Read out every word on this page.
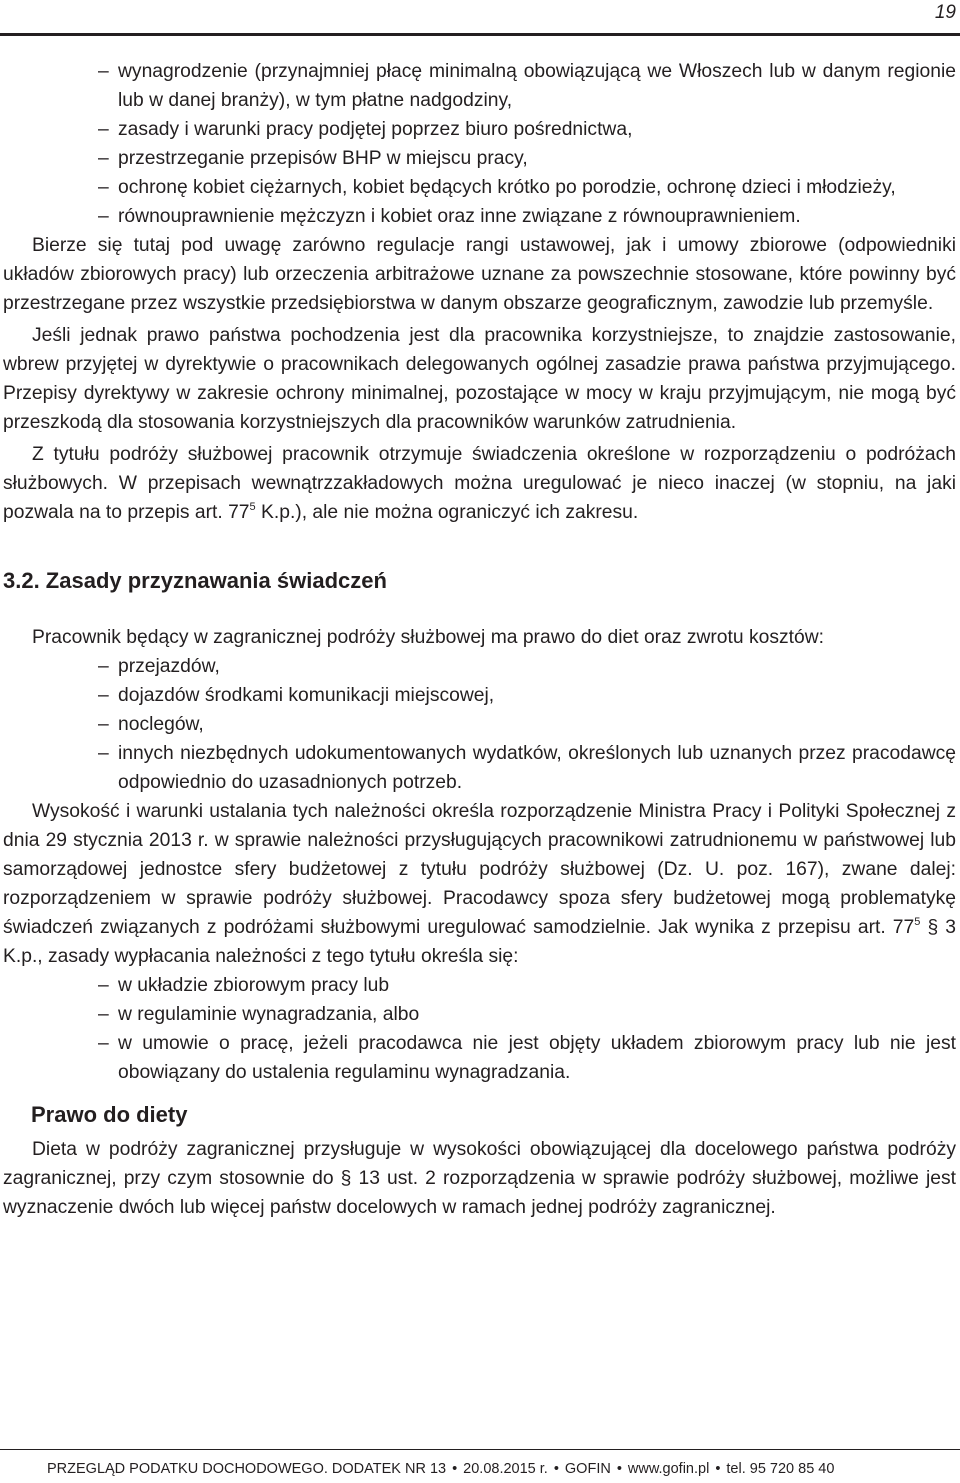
19
– wynagrodzenie (przynajmniej płacę minimalną obowiązującą we Włoszech lub w danym regionie lub w danej branży), w tym płatne nadgodziny,
– zasady i warunki pracy podjętej poprzez biuro pośrednictwa,
– przestrzeganie przepisów BHP w miejscu pracy,
– ochronę kobiet ciężarnych, kobiet będących krótko po porodzie, ochronę dzieci i młodzieży,
– równouprawnienie mężczyzn i kobiet oraz inne związane z równouprawnieniem.

Bierze się tutaj pod uwagę zarówno regulacje rangi ustawowej, jak i umowy zbiorowe (odpowiedniki układów zbiorowych pracy) lub orzeczenia arbitrażowe uznane za powszechnie stosowane, które powinny być przestrzegane przez wszystkie przedsiębiorstwa w danym obszarze geograficznym, zawodzie lub przemyśle.

Jeśli jednak prawo państwa pochodzenia jest dla pracownika korzystniejsze, to znajdzie zastosowanie, wbrew przyjętej w dyrektywie o pracownikach delegowanych ogólnej zasadzie prawa państwa przyjmującego. Przepisy dyrektywy w zakresie ochrony minimalnej, pozostające w mocy w kraju przyjmującym, nie mogą być przeszkodą dla stosowania korzystniejszych dla pracowników warunków zatrudnienia.

Z tytułu podróży służbowej pracownik otrzymuje świadczenia określone w rozporządzeniu o podróżach służbowych. W przepisach wewnątrzzakładowych można uregulować je nieco inaczej (w stopniu, na jaki pozwala na to przepis art. $77^5$ K.p.), ale nie można ograniczyć ich zakresu.

3.2. Zasady przyznawania świadczeń

Pracownik będący w zagranicznej podróży służbowej ma prawo do diet oraz zwrotu kosztów:

– przejazdów,
– dojazdów środkami komunikacji miejscowej,
– noclegów,
– innych niezbędnych udokumentowanych wydatków, określonych lub uznanych przez pracodawcę odpowiednio do uzasadnionych potrzeb.

Wysokość i warunki ustalania tych należności określa rozporządzenie Ministra Pracy i Polityki Społecznej z dnia 29 stycznia 2013 r. w sprawie należności przysługujących pracownikowi zatrudnionemu w państwowej lub samorządowej jednostce sfery budżetowej z tytułu podróży służbowej (Dz. U. poz. 167), zwane dalej: rozporządzeniem w sprawie podróży służbowej. Pracodawcy spoza sfery budżetowej mogą problematykę świadczeń związanych z podróżami służbowymi uregulować samodzielnie. Jak wynika z przepisu art. $77^5$ § 3 K.p., zasady wypłacania należności z tego tytułu określa się:

– w układzie zbiorowym pracy lub
– w regulaminie wynagradzania, albo
– w umowie o pracę, jeżeli pracodawca nie jest objęty układem zbiorowym pracy lub nie jest obowiązany do ustalenia regulaminu wynagradzania.
Prawo do diety

Dieta w podróży zagranicznej przysługuje w wysokości obowiązującej dla docelowego państwa podróży zagranicznej, przy czym stosownie do § 13 ust. 2 rozporządzenia w sprawie podróży służbowej, możliwe jest wyznaczenie dwóch lub więcej państw docelowych w ramach jednej podróży zagranicznej.

PRZEGLĄD PODATKU DOCHODOWEGO. DODATEK NR 13 • 20.08.2015 r. • GOFIN • www.gofin.pl • tel. 95 720 85 40
